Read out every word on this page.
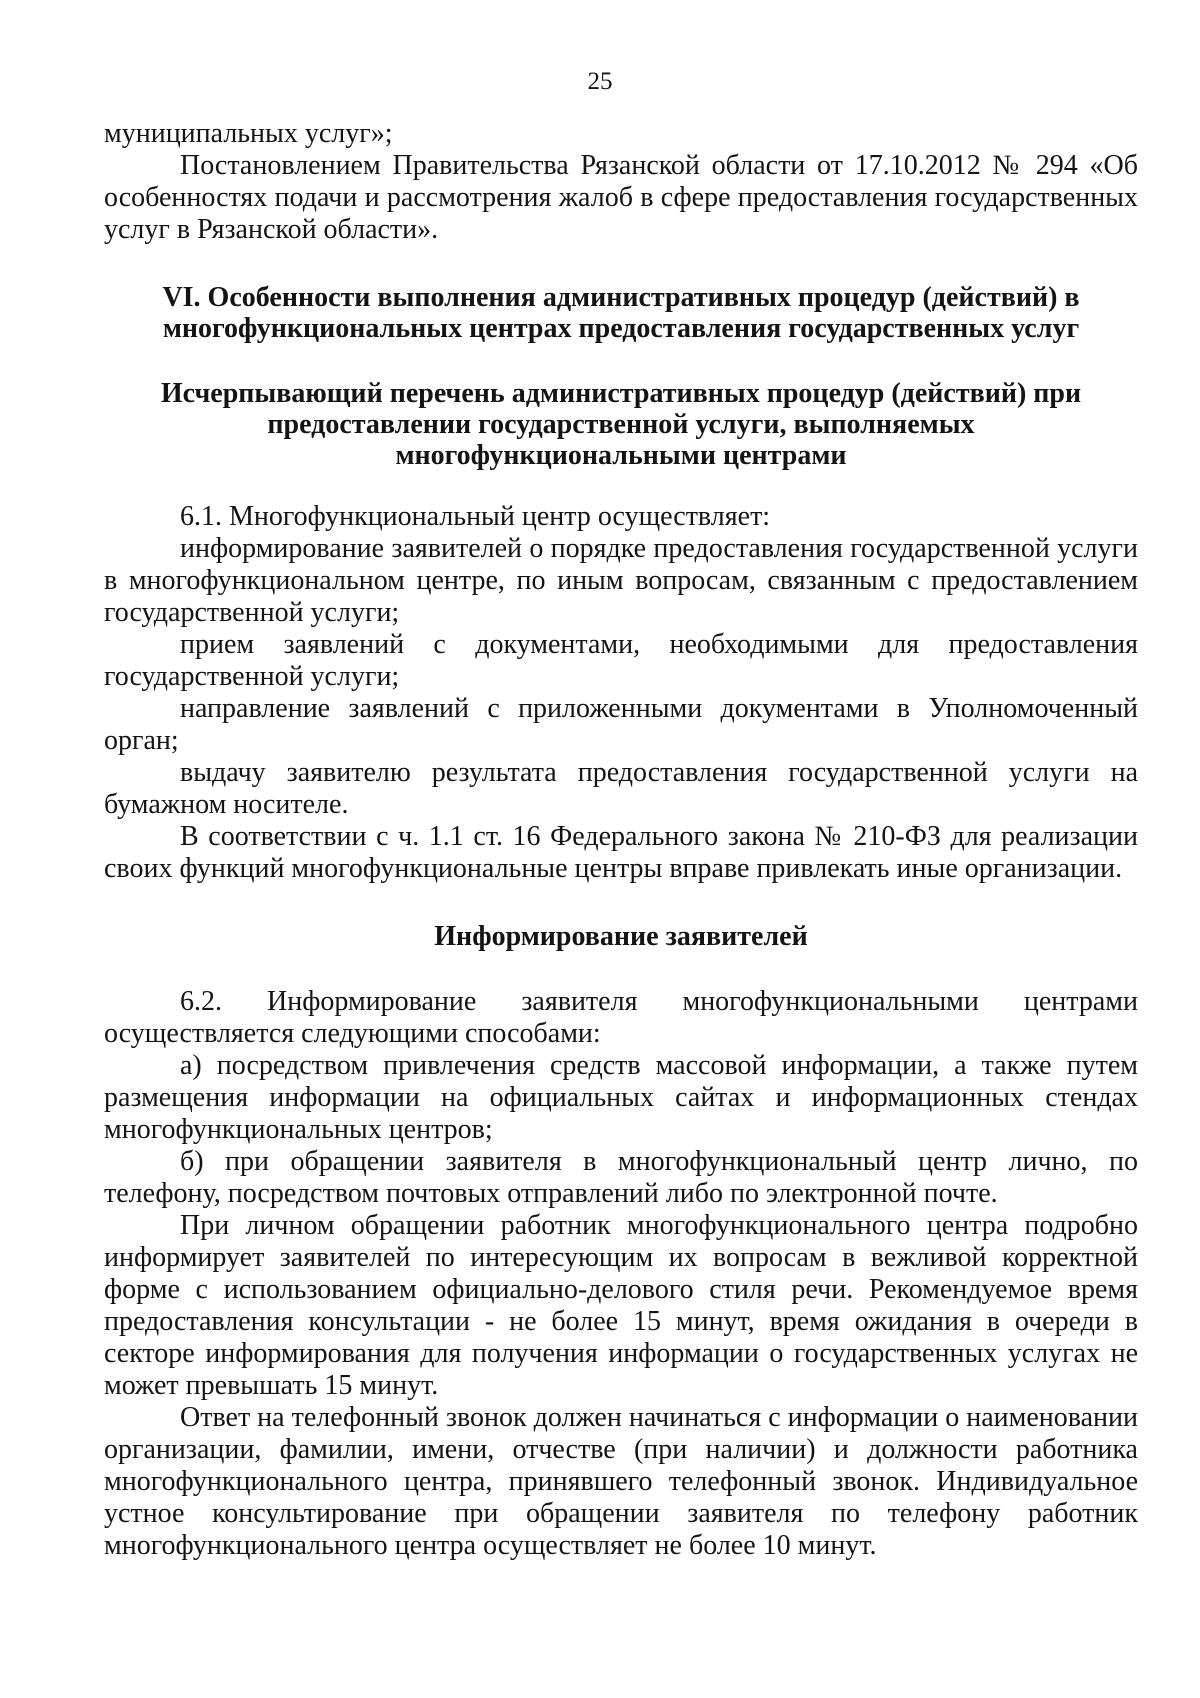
25

муниципальных услуг»;

Постановлением Правительства Рязанской области от 17.10.2012 № 294 «Об особенностях подачи и рассмотрения жалоб в сфере предоставления государственных услуг в Рязанской области».

VI. Особенности выполнения административных процедур (действий) в

многофункциональных центрах предоставления государственных услуг

Исчерпывающий перечень административных процедур (действий) при

предоставлении государственной услуги, выполняемых

многофункциональными центрами

6.1. Многофункциональный центр осуществляет:

информирование заявителей о порядке предоставления государственной услуги в многофункциональном центре, по иным вопросам, связанным с предоставлением государственной услуги;

прием заявлений с документами, необходимыми для предоставления государственной услуги;

направление заявлений с приложенными документами в Уполномоченный орган;

выдачу заявителю результата предоставления государственной услуги на бумажном носителе.

В соответствии с ч. 1.1 ст. 16 Федерального закона № 210-ФЗ для реализации своих функций многофункциональные центры вправе привлекать иные организации.

Информирование заявителей

6.2. Информирование заявителя многофункциональными центрами осуществляется следующими способами:

а) посредством привлечения средств массовой информации, а также путем размещения информации на официальных сайтах и информационных стендах многофункциональных центров;

б) при обращении заявителя в многофункциональный центр лично, по телефону, посредством почтовых отправлений либо по электронной почте.

При личном обращении работник многофункционального центра подробно информирует заявителей по интересующим их вопросам в вежливой корректной форме с использованием официально-делового стиля речи. Рекомендуемое время предоставления консультации - не более 15 минут, время ожидания в очереди в секторе информирования для получения информации о государственных услугах не может превышать 15 минут.

Ответ на телефонный звонок должен начинаться с информации о наименовании организации, фамилии, имени, отчестве (при наличии) и должности работника многофункционального центра, принявшего телефонный звонок. Индивидуальное устное консультирование при обращении заявителя по телефону работник многофункционального центра осуществляет не более 10 минут.
